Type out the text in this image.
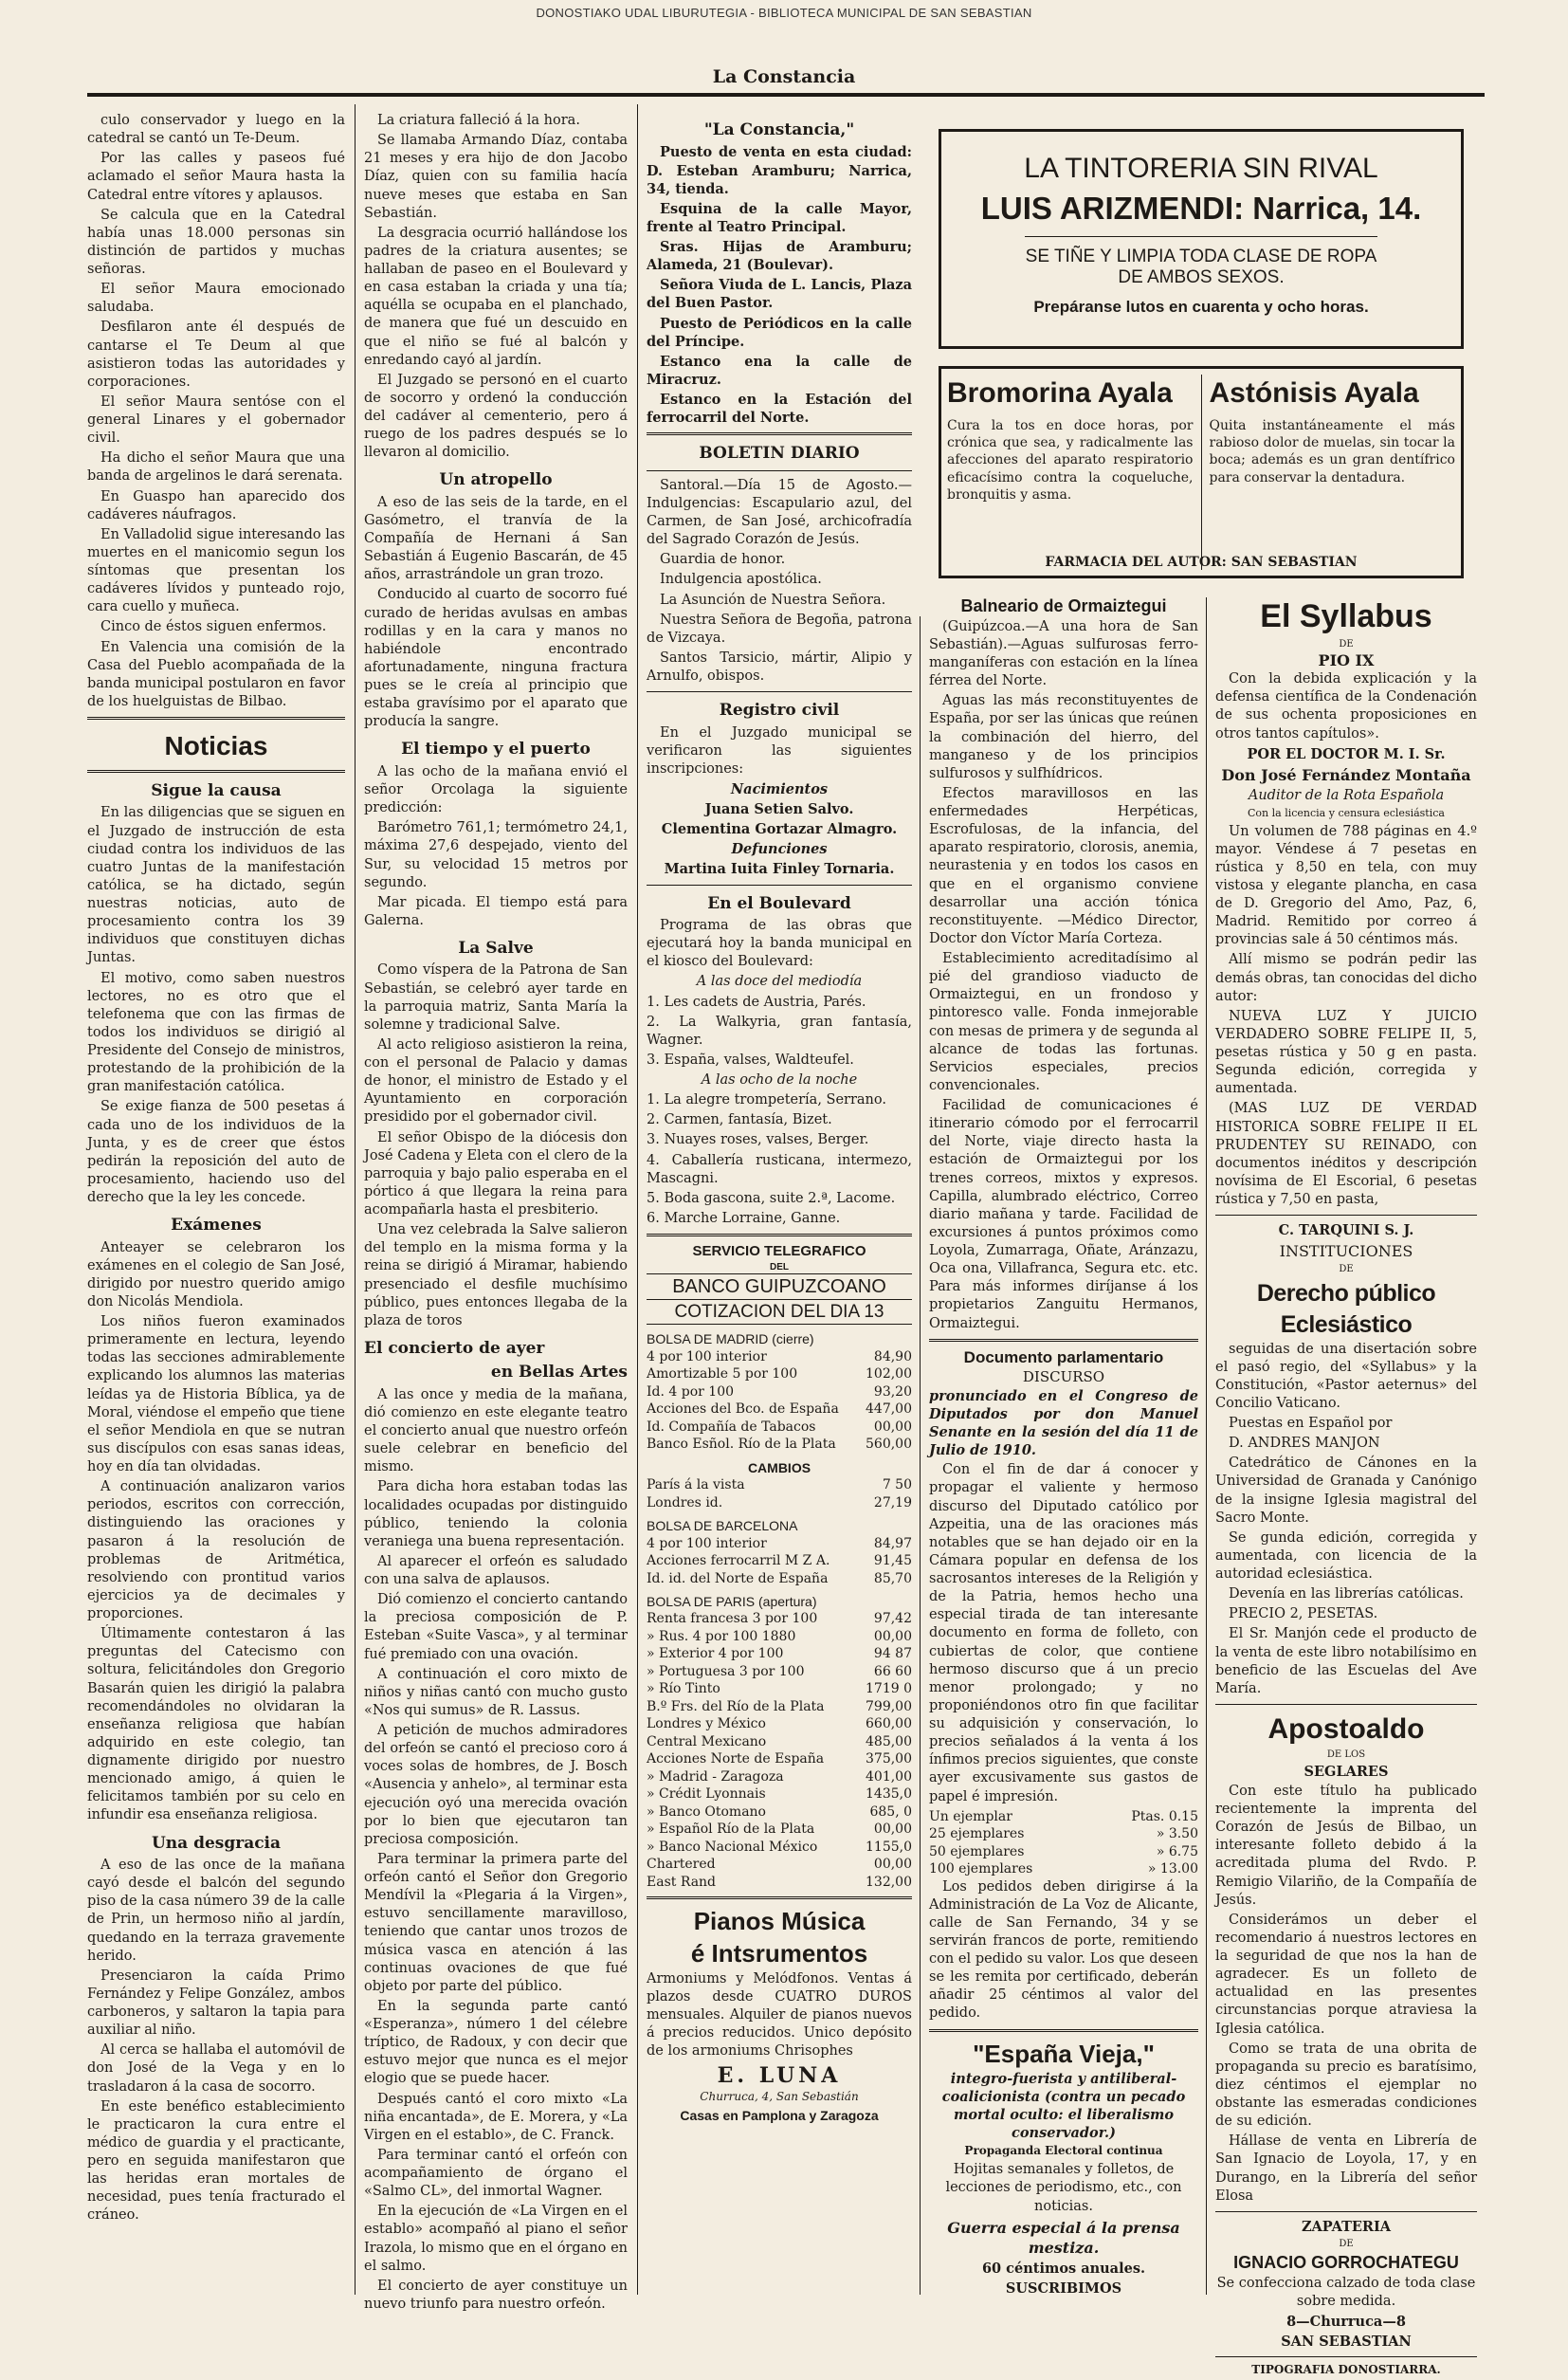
DONOSTIAKO UDAL LIBURUTEGIA - BIBLIOTECA MUNICIPAL DE SAN SEBASTIAN
La Constancia

culo conservador y luego en la catedral se cantó un Te-Deum.

Por las calles y paseos fué aclamado el señor Maura hasta la Catedral entre vítores y aplausos.

Se calcula que en la Catedral había unas 18.000 personas sin distinción de partidos y muchas señoras.

El señor Maura emocionado saludaba.

Desfilaron ante él después de cantarse el Te Deum al que asistieron todas las autoridades y corporaciones.

El señor Maura sentóse con el general Linares y el gobernador civil.

Ha dicho el señor Maura que una banda de argelinos le dará serenata.

En Guaspo han aparecido dos cadáveres náufragos.

En Valladolid sigue interesando las muertes en el manicomio segun los síntomas que presentan los cadáveres lívidos y punteado rojo, cara cuello y muñeca.

Cinco de éstos siguen enfermos.

En Valencia una comisión de la Casa del Pueblo acompañada de la banda municipal postularon en favor de los huelguistas de Bilbao.

Noticias
Sigue la causa

En las diligencias que se siguen en el Juzgado de instrucción de esta ciudad contra los individuos de las cuatro Juntas de la manifestación católica, se ha dictado, según nuestras noticias, auto de procesamiento contra los 39 individuos que constituyen dichas Juntas.

El motivo, como saben nuestros lectores, no es otro que el telefonema que con las firmas de todos los individuos se dirigió al Presidente del Consejo de ministros, protestando de la prohibición de la gran manifestación católica.

Se exige fianza de 500 pesetas á cada uno de los individuos de la Junta, y es de creer que éstos pedirán la reposición del auto de procesamiento, haciendo uso del derecho que la ley les concede.

Exámenes

Anteayer se celebraron los exámenes en el colegio de San José, dirigido por nuestro querido amigo don Nicolás Mendiola.

Los niños fueron examinados primeramente en lectura, leyendo todas las secciones admirablemente explicando los alumnos las materias leídas ya de Historia Bíblica, ya de Moral, viéndose el empeño que tiene el señor Mendiola en que se nutran sus discípulos con esas sanas ideas, hoy en día tan olvidadas.

A continuación analizaron varios periodos, escritos con corrección, distinguiendo las oraciones y pasaron á la resolución de problemas de Aritmética, resolviendo con prontitud varios ejercicios ya de decimales y proporciones.

Últimamente contestaron á las preguntas del Catecismo con soltura, felicitándoles don Gregorio Basarán quien les dirigió la palabra recomendándoles no olvidaran la enseñanza religiosa que habían adquirido en este colegio, tan dignamente dirigido por nuestro mencionado amigo, á quien le felicitamos también por su celo en infundir esa enseñanza religiosa.

Una desgracia

A eso de las once de la mañana cayó desde el balcón del segundo piso de la casa número 39 de la calle de Prin, un hermoso niño al jardín, quedando en la terraza gravemente herido.

Presenciaron la caída Primo Fernández y Felipe González, ambos carboneros, y saltaron la tapia para auxiliar al niño.

Al cerca se hallaba el automóvil de don José de la Vega y en lo trasladaron á la casa de socorro.

En este benéfico establecimiento le practicaron la cura entre el médico de guardia y el practicante, pero en seguida manifestaron que las heridas eran mortales de necesidad, pues tenía fracturado el cráneo.

La criatura falleció á la hora.

Se llamaba Armando Díaz, contaba 21 meses y era hijo de don Jacobo Díaz, quien con su familia hacía nueve meses que estaba en San Sebastián.

La desgracia ocurrió hallándose los padres de la criatura ausentes; se hallaban de paseo en el Boulevard y en casa estaban la criada y una tía; aquélla se ocupaba en el planchado, de manera que fué un descuido en que el niño se fué al balcón y enredando cayó al jardín.

El Juzgado se personó en el cuarto de socorro y ordenó la conducción del cadáver al cementerio, pero á ruego de los padres después se lo llevaron al domicilio.

Un atropello

A eso de las seis de la tarde, en el Gasómetro, el tranvía de la Compañía de Hernani á San Sebastián á Eugenio Bascarán, de 45 años, arrastrándole un gran trozo.

Conducido al cuarto de socorro fué curado de heridas avulsas en ambas rodillas y en la cara y manos no habiéndole encontrado afortunadamente, ninguna fractura pues se le creía al principio que estaba gravísimo por el aparato que producía la sangre.

El tiempo y el puerto

A las ocho de la mañana envió el señor Orcolaga la siguiente predicción:

Barómetro 761,1; termómetro 24,1, máxima 27,6 despejado, viento del Sur, su velocidad 15 metros por segundo.

Mar picada. El tiempo está para Galerna.

La Salve

Como víspera de la Patrona de San Sebastián, se celebró ayer tarde en la parroquia matriz, Santa María la solemne y tradicional Salve.

Al acto religioso asistieron la reina, con el personal de Palacio y damas de honor, el ministro de Estado y el Ayuntamiento en corporación presidido por el gobernador civil.

El señor Obispo de la diócesis don José Cadena y Eleta con el clero de la parroquia y bajo palio esperaba en el pórtico á que llegara la reina para acompañarla hasta el presbiterio.

Una vez celebrada la Salve salieron del templo en la misma forma y la reina se dirigió á Miramar, habiendo presenciado el desfile muchísimo público, pues entonces llegaba de la plaza de toros

El concierto de ayer
en Bellas Artes

A las once y media de la mañana, dió comienzo en este elegante teatro el concierto anual que nuestro orfeón suele celebrar en beneficio del mismo.

Para dicha hora estaban todas las localidades ocupadas por distinguido público, teniendo la colonia veraniega una buena representación.

Al aparecer el orfeón es saludado con una salva de aplausos.

Dió comienzo el concierto cantando la preciosa composición de P. Esteban «Suite Vasca», y al terminar fué premiado con una ovación.

A continuación el coro mixto de niños y niñas cantó con mucho gusto «Nos qui sumus» de R. Lassus.

A petición de muchos admiradores del orfeón se cantó el precioso coro á voces solas de hombres, de J. Bosch «Ausencia y anhelo», al terminar esta ejecución oyó una merecida ovación por lo bien que ejecutaron tan preciosa composición.

Para terminar la primera parte del orfeón cantó el Señor don Gregorio Mendívil la «Plegaria á la Virgen», estuvo sencillamente maravilloso, teniendo que cantar unos trozos de música vasca en atención á las continuas ovaciones de que fué objeto por parte del público.

En la segunda parte cantó «Esperanza», número 1 del célebre tríptico, de Radoux, y con decir que estuvo mejor que nunca es el mejor elogio que se puede hacer.

Después cantó el coro mixto «La niña encantada», de E. Morera, y «La Virgen en el establo», de C. Franck.

Para terminar cantó el orfeón con acompañamiento de órgano el «Salmo CL», del inmortal Wagner.

En la ejecución de «La Virgen en el establo» acompañó al piano el señor Irazola, lo mismo que en el órgano en el salmo.

El concierto de ayer constituye un nuevo triunfo para nuestro orfeón.

"La Constancia,"

Puesto de venta en esta ciudad: D. Esteban Aramburu; Narrica, 34, tienda.

Esquina de la calle Mayor, frente al Teatro Principal.

Sras. Hijas de Aramburu; Alameda, 21 (Boulevar).

Señora Viuda de L. Lancis, Plaza del Buen Pastor.

Puesto de Periódicos en la calle del Príncipe.

Estanco ena la calle de Miracruz.

Estanco en la Estación del ferrocarril del Norte.

BOLETIN DIARIO

Santoral.—Día 15 de Agosto.— Indulgencias: Escapulario azul, del Carmen, de San José, archicofradía del Sagrado Corazón de Jesús.

Guardia de honor.

Indulgencia apostólica.

La Asunción de Nuestra Señora.

Nuestra Señora de Begoña, patrona de Vizcaya.

Santos Tarsicio, mártir, Alipio y Arnulfo, obispos.

Registro civil

En el Juzgado municipal se verificaron las siguientes inscripciones:

Nacimientos

Juana Setien Salvo.

Clementina Gortazar Almagro.

Defunciones

Martina Iuita Finley Tornaria.

En el Boulevard

Programa de las obras que ejecutará hoy la banda municipal en el kiosco del Boulevard:

A las doce del mediodía

1. Les cadets de Austria, Parés.

2. La Walkyria, gran fantasía, Wagner.

3. España, valses, Waldteufel.

A las ocho de la noche

1. La alegre trompetería, Serrano.

2. Carmen, fantasía, Bizet.

3. Nuayes roses, valses, Berger.

4. Caballería rusticana, intermezo, Mascagni.

5. Boda gascona, suite 2.ª, Lacome.

6. Marche Lorraine, Ganne.

SERVICIO TELEGRAFICO
DEL
BANCO GUIPUZCOANO
COTIZACION DEL DIA 13
BOLSA DE MADRID (cierre)
4 por 100 interior	84,90
Amortizable 5 por 100	102,00
Id. 4 por 100	93,20
Acciones del Bco. de España 447,00
Id. Compañía de Tabacos	00,00
Banco Esñol. Río de la Plata 560,00
CAMBIOS
París á la vista	7 50
Londres id.	27,19
BOLSA DE BARCELONA
4 por 100 interior	84,97
Acciones ferrocarril M Z A.	91,45
Id. id. del Norte de España	85,70
BOLSA DE PARIS (apertura)
Renta francesa 3 por 100	97,42
» Rus. 4 por 100 1880	00,00
» Exterior 4 por 100	94 87
» Portuguesa 3 por 100	66 60
» Río Tinto	1719 0
B.º Frs. del Río de la Plata	799,00
Londres y México	660,00
Central Mexicano	485,00
Acciones Norte de España	375,00
» Madrid - Zaragoza	401,00
» Crédit Lyonnais	1435,0
» Banco Otomano	685, 0
» Español Río de la Plata	00,00
» Banco Nacional México	1155,0
Chartered	00,00
East Rand	132,00
Pianos Música
é Intsrumentos

Armoniums y Melódfonos. Ventas á plazos desde CUATRO DUROS mensuales. Alquiler de pianos nuevos á precios reducidos. Unico depósito de los armoniums Chrisophes

E. LUNA

Churruca, 4, San Sebastián

Casas en Pamplona y Zaragoza
LA TINTORERIA SIN RIVAL
LUIS ARIZMENDI: Narrica, 14.
SE TIÑE Y LIMPIA TODA CLASE DE ROPA DE AMBOS SEXOS.
Prepáranse lutos en cuarenta y ocho horas.
Bromorina Ayala
Cura la tos en doce horas, por crónica que sea, y radicalmente las afecciones del aparato respiratorio eficacísimo contra la coqueluche, bronquitis y asma.
Astónisis Ayala
Quita instantáneamente el más rabioso dolor de muelas, sin tocar la boca; además es un gran dentífrico para conservar la dentadura.
FARMACIA DEL AUTOR: SAN SEBASTIAN
Balneario de Ormaiztegui

(Guipúzcoa.—A una hora de San Sebastián).—Aguas sulfurosas ferro-manganíferas con estación en la línea férrea del Norte.

Aguas las más reconstituyentes de España, por ser las únicas que reúnen la combinación del hierro, del manganeso y de los principios sulfurosos y sulfhídricos.

Efectos maravillosos en las enfermedades Herpéticas, Escrofulosas, de la infancia, del aparato respiratorio, clorosis, anemia, neurastenia y en todos los casos en que en el organismo conviene desarrollar una acción tónica reconstituyente. —Médico Director, Doctor don Víctor María Corteza.

Establecimiento acreditadísimo al pié del grandioso viaducto de Ormaiztegui, en un frondoso y pintoresco valle. Fonda inmejorable con mesas de primera y de segunda al alcance de todas las fortunas. Servicios especiales, precios convencionales.

Facilidad de comunicaciones é itinerario cómodo por el ferrocarril del Norte, viaje directo hasta la estación de Ormaiztegui por los trenes correos, mixtos y expresos. Capilla, alumbrado eléctrico, Correo diario mañana y tarde. Facilidad de excursiones á puntos próximos como Loyola, Zumarraga, Oñate, Aránzazu, Oca ona, Villafranca, Segura etc. etc. Para más informes diríjanse á los propietarios Zanguitu Hermanos, Ormaiztegui.

Documento parlamentario
DISCURSO

pronunciado en el Congreso de Diputados por don Manuel Senante en la sesión del día 11 de Julio de 1910.

Con el fin de dar á conocer y propagar el valiente y hermoso discurso del Diputado católico por Azpeitia, una de las oraciones más notables que se han dejado oir en la Cámara popular en defensa de los sacrosantos intereses de la Religión y de la Patria, hemos hecho una especial tirada de tan interesante documento en forma de folleto, con cubiertas de color, que contiene hermoso discurso que á un precio menor prolongado; y no proponiéndonos otro fin que facilitar su adquisición y conservación, lo precios señalados á la venta á los ínfimos precios siguientes, que conste ayer excusivamente sus gastos de papel é impresión.

Un ejemplar	Ptas. 0.15
25 ejemplares	» 3.50
50 ejemplares	» 6.75
100 ejemplares	» 13.00

Los pedidos deben dirigirse á la Administración de La Voz de Alicante, calle de San Fernando, 34 y se servirán francos de porte, remitiendo con el pedido su valor. Los que deseen se les remita por certificado, deberán añadir 25 céntimos al valor del pedido.

"España Vieja,"

integro-fuerista y antiliberal-coalicionista (contra un pecado mortal oculto: el liberalismo conservador.)

Propaganda Electoral continua

Hojitas semanales y folletos, de lecciones de periodismo, etc., con noticias.

Guerra especial á la prensa mestiza.

60 céntimos anuales.

SUSCRIBIMOS

El Syllabus
DE
PIO IX

Con la debida explicación y la defensa científica de la Condenación de sus ochenta proposiciones en otros tantos capítulos».

POR EL DOCTOR M. I. Sr.

Don José Fernández Montaña

Auditor de la Rota Española

Con la licencia y censura eclesiástica

Un volumen de 788 páginas en 4.º mayor. Véndese á 7 pesetas en rústica y 8,50 en tela, con muy vistosa y elegante plancha, en casa de D. Gregorio del Amo, Paz, 6, Madrid. Remitido por correo á provincias sale á 50 céntimos más.

Allí mismo se podrán pedir las demás obras, tan conocidas del dicho autor:

NUEVA LUZ Y JUICIO VERDADERO SOBRE FELIPE II, 5, pesetas rústica y 50 g en pasta. Segunda edición, corregida y aumentada.

(MAS LUZ DE VERDAD HISTORICA SOBRE FELIPE II EL PRUDENTEY SU REINADO, con documentos inéditos y descripción novísima de El Escorial, 6 pesetas rústica y 7,50 en pasta,

C. TARQUINI S. J.

INSTITUCIONES

DE

Derecho público Eclesiástico

seguidas de una disertación sobre el pasó regio, del «Syllabus» y la Constitución, «Pastor aeternus» del Concilio Vaticano.

Puestas en Español por

D. ANDRES MANJON

Catedrático de Cánones en la Universidad de Granada y Canónigo de la insigne Iglesia magistral del Sacro Monte.

Se gunda edición, corregida y aumentada, con licencia de la autoridad eclesiástica.

Devenía en las librerías católicas.

PRECIO 2, PESETAS.

El Sr. Manjón cede el producto de la venta de este libro notabilísimo en beneficio de las Escuelas del Ave María.

Apostoaldo

DE LOS

SEGLARES

Con este título ha publicado recientemente la imprenta del Corazón de Jesús de Bilbao, un interesante folleto debido á la acreditada pluma del Rvdo. P. Remigio Vilariño, de la Compañía de Jesús.

Considerámos un deber el recomendario á nuestros lectores en la seguridad de que nos la han de agradecer. Es un folleto de actualidad en las presentes circunstancias porque atraviesa la Iglesia católica.

Como se trata de una obrita de propaganda su precio es baratísimo, diez céntimos el ejemplar no obstante las esmeradas condiciones de su edición.

Hállase de venta en Librería de San Ignacio de Loyola, 17, y en Durango, en la Librería del señor Elosa

ZAPATERIA

DE

IGNACIO GORROCHATEGU

Se confecciona calzado de toda clase sobre medida.

8—Churruca—8

SAN SEBASTIAN

TIPOGRAFIA DONOSTIARRA.
